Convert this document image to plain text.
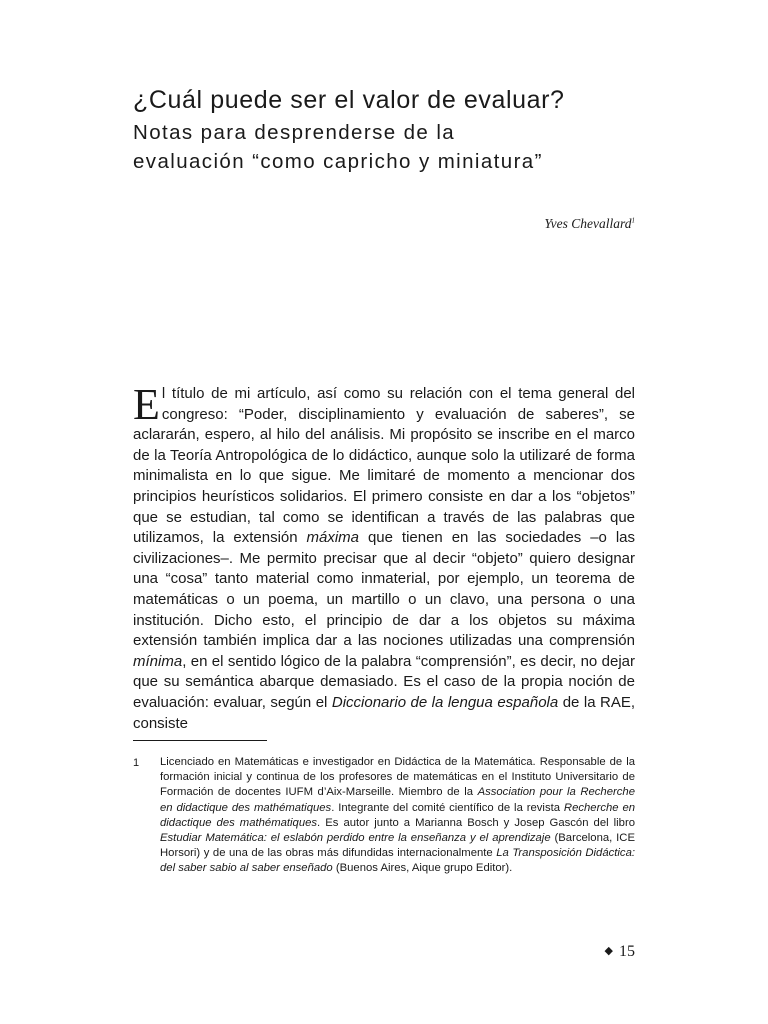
¿Cuál puede ser el valor de evaluar?
Notas para desprenderse de la
evaluación “como capricho y miniatura”
Yves Chevallard$^1$

El título de mi artículo, así como su relación con el tema general del congreso: “Poder, disciplinamiento y evaluación de saberes”, se aclararán, espero, al hilo del análisis. Mi propósito se inscribe en el marco de la Teoría Antropológica de lo didáctico, aunque solo la utilizaré de forma minimalista en lo que sigue. Me limitaré de momento a mencionar dos principios heurísticos solidarios. El primero consiste en dar a los “objetos” que se estudian, tal como se identifican a través de las palabras que utilizamos, la extensión máxima que tienen en las sociedades –o las civilizaciones–. Me permito precisar que al decir “objeto” quiero designar una “cosa” tanto material como inmaterial, por ejemplo, un teorema de matemáticas o un poema, un martillo o un clavo, una persona o una institución. Dicho esto, el principio de dar a los objetos su máxima extensión también implica dar a las nociones utilizadas una comprensión mínima, en el sentido lógico de la palabra “comprensión”, es decir, no dejar que su semántica abarque demasiado. Es el caso de la propia noción de evaluación: evaluar, según el Diccionario de la lengua española de la RAE, consiste

1 Licenciado en Matemáticas e investigador en Didáctica de la Matemática. Responsable de la formación inicial y continua de los profesores de matemáticas en el Instituto Universitario de Formación de docentes IUFM d’Aix-Marseille. Miembro de la Association pour la Recherche en didactique des mathématiques. Integrante del comité científico de la revista Recherche en didactique des mathématiques. Es autor junto a Marianna Bosch y Josep Gascón del libro Estudiar Matemática: el eslabón perdido entre la enseñanza y el aprendizaje (Barcelona, ICE Horsori) y de una de las obras más difundidas internacionalmente La Transposición Didáctica: del saber sabio al saber enseñado (Buenos Aires, Aique grupo Editor).

◆ 15
